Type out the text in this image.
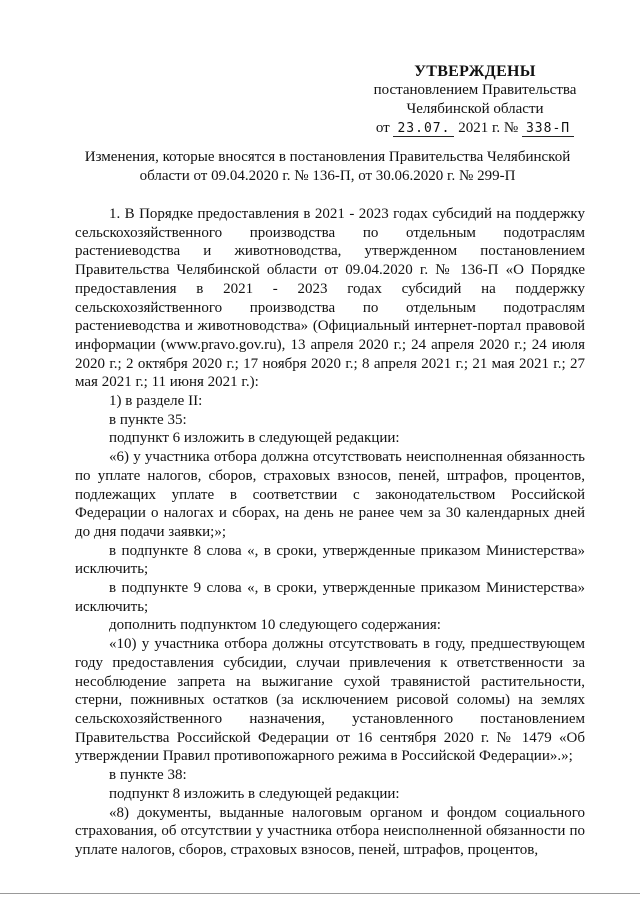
УТВЕРЖДЕНЫ
постановлением Правительства
Челябинской области
от 23.07. 2021 г. № 338-П
Изменения, которые вносятся в постановления Правительства Челябинской области от 09.04.2020 г. № 136-П, от 30.06.2020 г. № 299-П

1. В Порядке предоставления в 2021 - 2023 годах субсидий на поддержку сельскохозяйственного производства по отдельным подотраслям растениеводства и животноводства, утвержденном постановлением Правительства Челябинской области от 09.04.2020 г. № 136-П «О Порядке предоставления в 2021 - 2023 годах субсидий на поддержку сельскохозяйственного производства по отдельным подотраслям растениеводства и животноводства» (Официальный интернет-портал правовой информации (www.pravo.gov.ru), 13 апреля 2020 г.; 24 апреля 2020 г.; 24 июля 2020 г.; 2 октября 2020 г.; 17 ноября 2020 г.; 8 апреля 2021 г.; 21 мая 2021 г.; 27 мая 2021 г.; 11 июня 2021 г.):

1) в разделе II:

в пункте 35:

подпункт 6 изложить в следующей редакции:

«6) у участника отбора должна отсутствовать неисполненная обязанность по уплате налогов, сборов, страховых взносов, пеней, штрафов, процентов, подлежащих уплате в соответствии с законодательством Российской Федерации о налогах и сборах, на день не ранее чем за 30 календарных дней до дня подачи заявки;»;

в подпункте 8 слова «, в сроки, утвержденные приказом Министерства» исключить;

в подпункте 9 слова «, в сроки, утвержденные приказом Министерства» исключить;

дополнить подпунктом 10 следующего содержания:

«10) у участника отбора должны отсутствовать в году, предшествующем году предоставления субсидии, случаи привлечения к ответственности за несоблюдение запрета на выжигание сухой травянистой растительности, стерни, пожнивных остатков (за исключением рисовой соломы) на землях сельскохозяйственного назначения, установленного постановлением Правительства Российской Федерации от 16 сентября 2020 г. № 1479 «Об утверждении Правил противопожарного режима в Российской Федерации».»;

в пункте 38:

подпункт 8 изложить в следующей редакции:

«8) документы, выданные налоговым органом и фондом социального страхования, об отсутствии у участника отбора неисполненной обязанности по уплате налогов, сборов, страховых взносов, пеней, штрафов, процентов,
